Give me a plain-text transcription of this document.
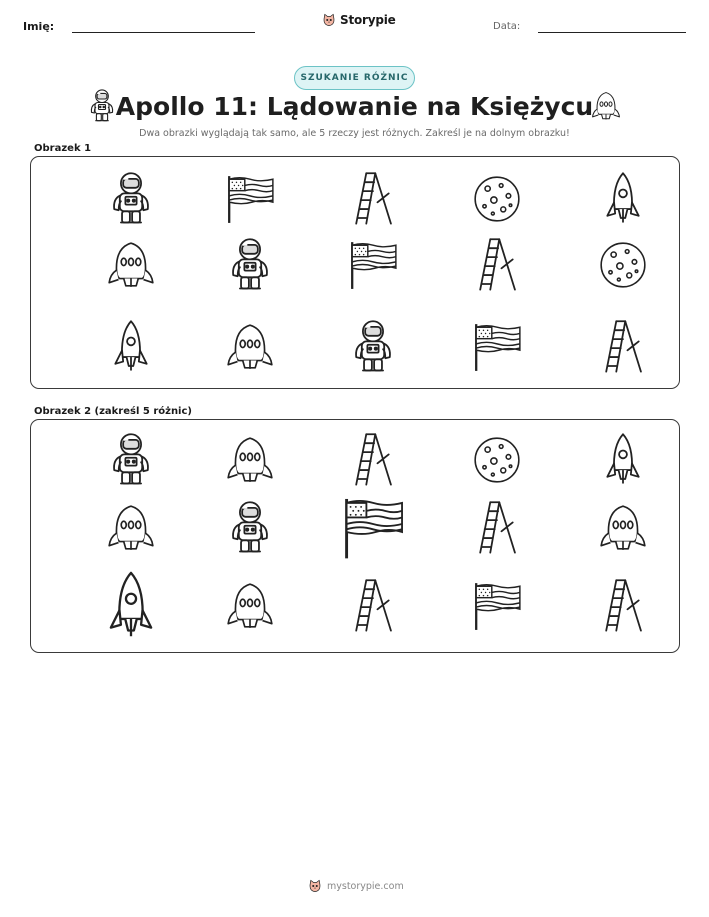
Imię:	Storypie	Data:
SZUKANIE RÓŻNIC
Apollo 11: Lądowanie na Księżycu
Dwa obrazki wyglądają tak samo, ale 5 rzeczy jest różnych. Zakreśl je na dolnym obrazku!
Obrazek 1
Obrazek 2 (zakreśl 5 różnic)
mystorypie.com
